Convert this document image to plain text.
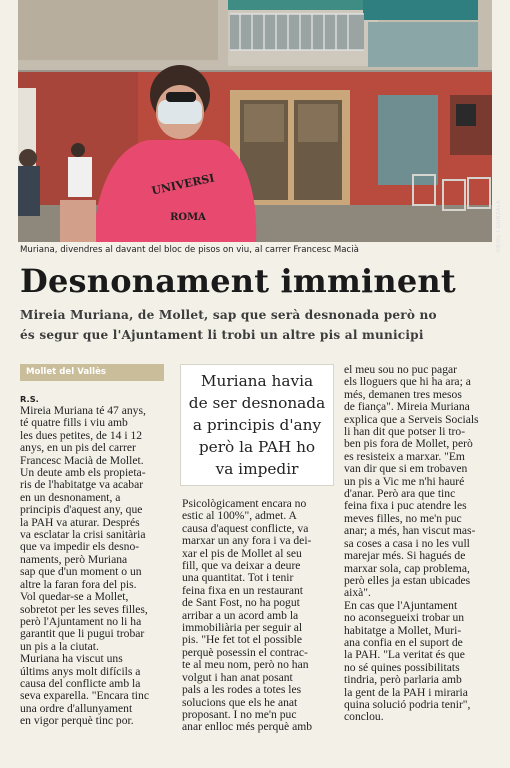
UNIVERSI
ROMA	ORIOL I GUNZALA
Muriana, divendres al davant del bloc de pisos on viu, al carrer Francesc Macià
Desnonament imminent
Mireia Muriana, de Mollet, sap que serà desnonada però no
és segur que l'Ajuntament li trobi un altre pis al municipi
Mollet del Vallès
R.S.
Mireia Muriana té 47 anys,
té quatre fills i viu amb
les dues petites, de 14 i 12
anys, en un pis del carrer
Francesc Macià de Mollet.
Un deute amb els propieta-
ris de l'habitatge va acabar
en un desnonament, a
principis d'aquest any, que
la PAH va aturar. Després
va esclatar la crisi sanitària
que va impedir els desno-
naments, però Muriana
sap que d'un moment o un
altre la faran fora del pis.
Vol quedar-se a Mollet,
sobretot per les seves filles,
però l'Ajuntament no li ha
garantit que li pugui trobar
un pis a la ciutat.
Muriana ha viscut uns
últims anys molt difícils a
causa del conflicte amb la
seva exparella. "Encara tinc
una ordre d'allunyament
en vigor perquè tinc por.
Muriana havia
de ser desnonada
a principis d'any
però la PAH ho
va impedir
Psicològicament encara no
estic al 100%", admet. A
causa d'aquest conflicte, va
marxar un any fora i va dei-
xar el pis de Mollet al seu
fill, que va deixar a deure
una quantitat. Tot i tenir
feina fixa en un restaurant
de Sant Fost, no ha pogut
arribar a un acord amb la
immobiliària per seguir al
pis. "He fet tot el possible
perquè posessin el contrac-
te al meu nom, però no han
volgut i han anat posant
pals a les rodes a totes les
solucions que els he anat
proposant. I no me'n puc
anar enlloc més perquè amb
el meu sou no puc pagar
els lloguers que hi ha ara; a
més, demanen tres mesos
de fiança". Mireia Muriana
explica que a Serveis Socials
li han dit que potser li tro-
ben pis fora de Mollet, però
es resisteix a marxar. "Em
van dir que si em trobaven
un pis a Vic me n'hi hauré
d'anar. Però ara que tinc
feina fixa i puc atendre les
meves filles, no me'n puc
anar; a més, han viscut mas-
sa coses a casa i no les vull
marejar més. Si hagués de
marxar sola, cap problema,
però elles ja estan ubicades
aixà".
En cas que l'Ajuntament
no aconsegueixi trobar un
habitatge a Mollet, Muri-
ana confia en el suport de
la PAH. "La veritat és que
no sé quines possibilitats
tindria, però parlaria amb
la gent de la PAH i miraria
quina solució podria tenir",
conclou.
